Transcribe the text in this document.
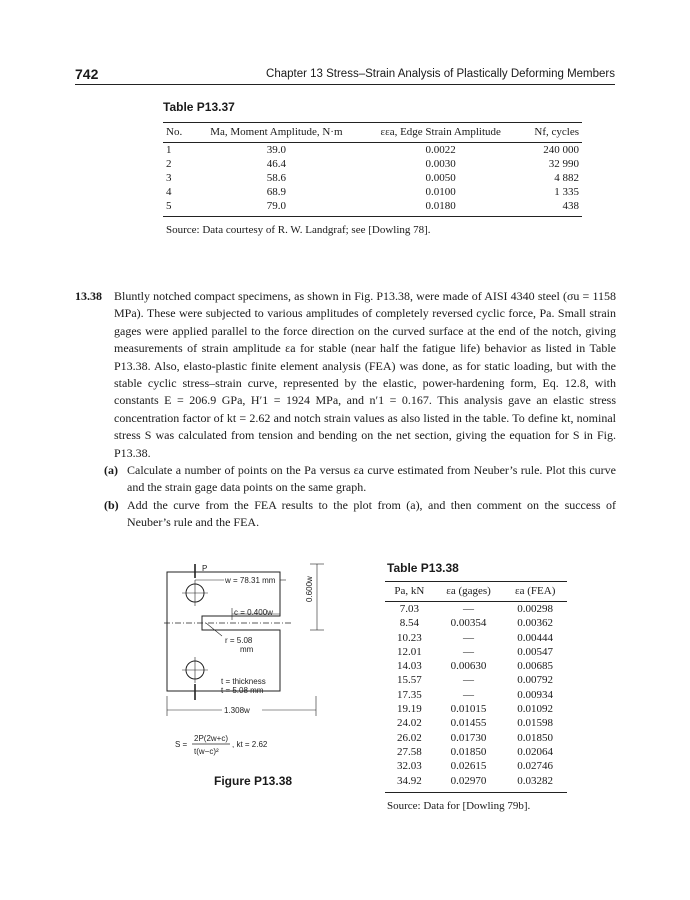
742	Chapter 13 Stress–Strain Analysis of Plastically Deforming Members
Table P13.37
No.	Ma, Moment Amplitude, N·m	εεa, Edge Strain Amplitude	Nf, cycles
1	39.0	0.0022	240 000
2	46.4	0.0030	32 990
3	58.6	0.0050	4 882
4	68.9	0.0100	1 335
5	79.0	0.0180	438
Source: Data courtesy of R. W. Landgraf; see [Dowling 78].			
13.38 Bluntly notched compact specimens, as shown in Fig. P13.38, were made of AISI 4340 steel (σu = 1158 MPa). These were subjected to various amplitudes of completely reversed cyclic force, Pa. Small strain gages were applied parallel to the force direction on the curved surface at the end of the notch, giving measurements of strain amplitude εa for stable (near half the fatigue life) behavior as listed in Table P13.38. Also, elasto-plastic finite element analysis (FEA) was done, as for static loading, but with the stable cyclic stress–strain curve, represented by the elastic, power-hardening form, Eq. 12.8, with constants E = 206.9 GPa, H′1 = 1924 MPa, and n′1 = 0.167. This analysis gave an elastic stress concentration factor of kt = 2.62 and notch strain values as also listed in the table. To define kt, nominal stress S was calculated from tension and bending on the net section, giving the equation for S in Fig. P13.38.
(a) Calculate a number of points on the Pa versus εa curve estimated from Neuber’s rule. Plot this curve and the strain gage data points on the same graph.
(b) Add the curve from the FEA results to the plot from (a), and then comment on the success of Neuber’s rule and the FEA.
P
w = 78.31 mm
c = 0.400w
r = 5.08
mm
t = thickness
t = 5.08 mm
1.308w
0.600w
S =
2P(2w+c)
t(w−c)²
, kt = 2.62
Figure P13.38
Table P13.38
Pa, kN	εa (gages)	εa (FEA)
7.03	—	0.00298
8.54	0.00354	0.00362
10.23	—	0.00444
12.01	—	0.00547
14.03	0.00630	0.00685
15.57	—	0.00792
17.35	—	0.00934
19.19	0.01015	0.01092
24.02	0.01455	0.01598
26.02	0.01730	0.01850
27.58	0.01850	0.02064
32.03	0.02615	0.02746
34.92	0.02970	0.03282
Source: Data for [Dowling 79b].		
